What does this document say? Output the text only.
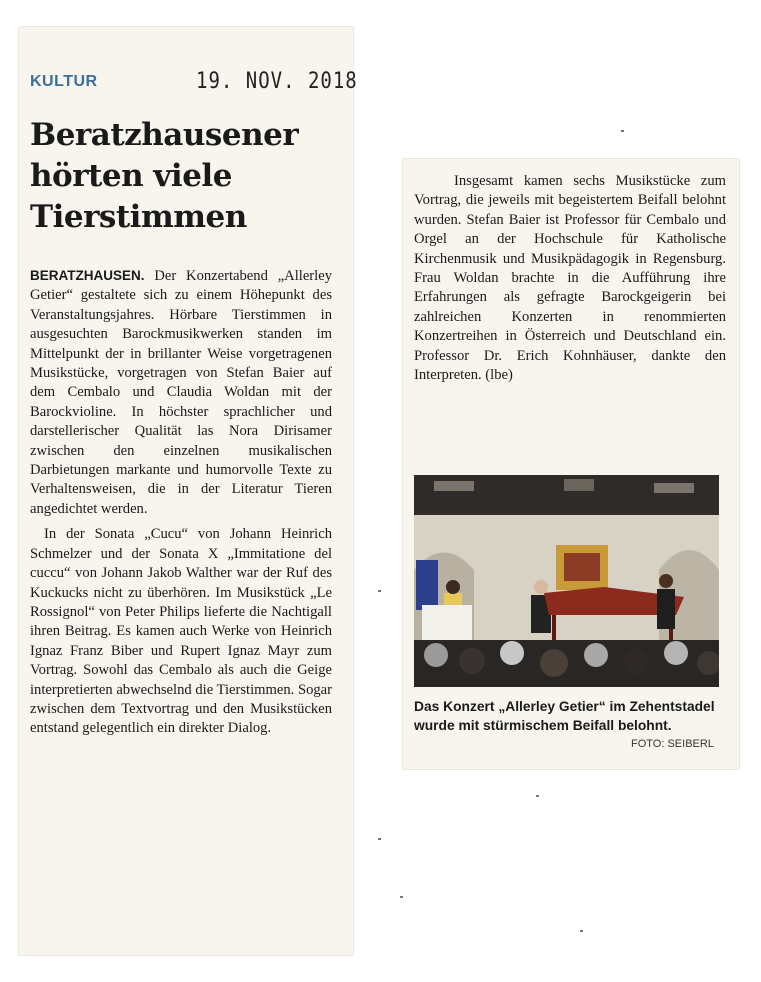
KULTUR	19. NOV. 2018
Beratzhausener
hörten viele
Tierstimmen

BERATZHAUSEN. Der Konzertabend „Allerley Getier“ gestaltete sich zu einem Höhepunkt des Veranstaltungsjahres. Hörbare Tierstimmen in ausgesuchten Barockmusikwerken standen im Mittelpunkt der in brillanter Weise vorgetragenen Musikstücke, vorgetragen von Stefan Baier auf dem Cembalo und Claudia Woldan mit der Barockvioline. In höchster sprachlicher und darstellerischer Qualität las Nora Dirisamer zwischen den einzelnen musikalischen Darbietungen markante und humorvolle Texte zu Verhaltensweisen, die in der Literatur Tieren angedichtet werden.

In der Sonata „Cucu“ von Johann Heinrich Schmelzer und der Sonata X „Immitatione del cuccu“ von Johann Jakob Walther war der Ruf des Kuckucks nicht zu überhören. Im Musikstück „Le Rossignol“ von Peter Philips lieferte die Nachtigall ihren Beitrag. Es kamen auch Werke von Heinrich Ignaz Franz Biber und Rupert Ignaz Mayr zum Vortrag. Sowohl das Cembalo als auch die Geige interpretierten abwechselnd die Tierstimmen. Sogar zwischen dem Textvortrag und den Musikstücken entstand gelegentlich ein direkter Dialog.

Insgesamt kamen sechs Musikstücke zum Vortrag, die jeweils mit begeistertem Beifall belohnt wurden. Stefan Baier ist Professor für Cembalo und Orgel an der Hochschule für Katholische Kirchenmusik und Musikpädagogik in Regensburg. Frau Woldan brachte in die Aufführung ihre Erfahrungen als gefragte Barockgeigerin bei zahlreichen Konzerten in renommierten Konzertreihen in Österreich und Deutschland ein. Professor Dr. Erich Kohnhäuser, dankte den Interpreten. (lbe)

Das Konzert „Allerley Getier“ im Zehentstadel wurde mit stürmischem Beifall belohnt.

FOTO: SEIBERL
